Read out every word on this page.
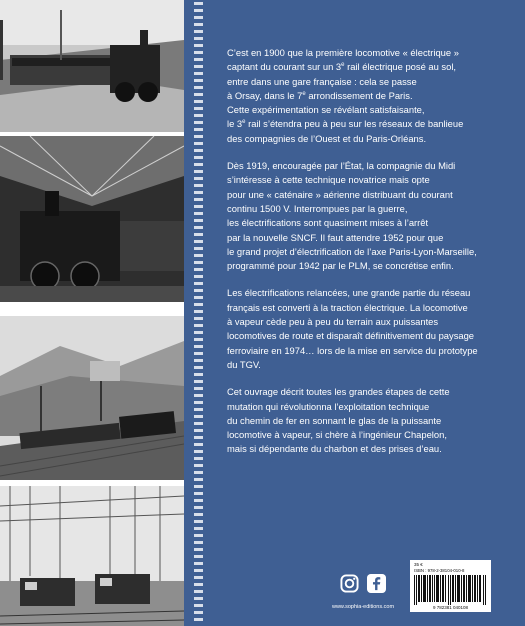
C’est en 1900 que la première locomotive « électrique »
captant du courant sur un 3e rail électrique posé au sol,
entre dans une gare française : cela se passe
à Orsay, dans le 7e arrondissement de Paris.
Cette expérimentation se révélant satisfaisante,
le 3e rail s’étendra peu à peu sur les réseaux de banlieue
des compagnies de l’Ouest et du Paris-Orléans.

Dès 1919, encouragée par l’État, la compagnie du Midi
s’intéresse à cette technique novatrice mais opte
pour une « caténaire » aérienne distribuant du courant
continu 1500 V. Interrompues par la guerre,
les électrifications sont quasiment mises à l’arrêt
par la nouvelle SNCF. Il faut attendre 1952 pour que
le grand projet d’électrification de l’axe Paris-Lyon-Marseille,
programmé pour 1942 par le PLM, se concrétise enfin.

Les électrifications relancées, une grande partie du réseau
français est converti à la traction électrique. La locomotive
à vapeur cède peu à peu du terrain aux puissantes
locomotives de route et disparaît définitivement du paysage
ferroviaire en 1974… lors de la mise en service du prototype
du TGV.

Cet ouvrage décrit toutes les grandes étapes de cette
mutation qui révolutionna l’exploitation technique
du chemin de fer en sonnant le glas de la puissante
locomotive à vapeur, si chère à l’ingénieur Chapelon,
mais si dépendante du charbon et des prises d’eau.

www.sophia-editions.com
35 €
ISBN : 978-2-38104-010-8
9 782381 040108
